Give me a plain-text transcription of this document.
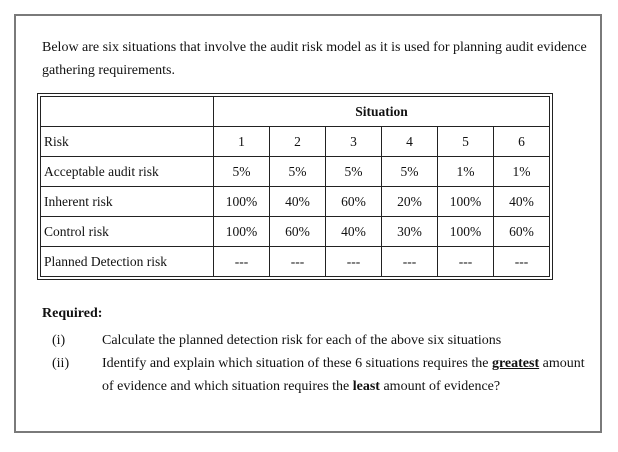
Below are six situations that involve the audit risk model as it is used for planning audit evidence gathering requirements.

	Situation					
Risk	1	2	3	4	5	6
Acceptable audit risk	5%	5%	5%	5%	1%	1%
Inherent risk	100%	40%	60%	20%	100%	40%
Control risk	100%	60%	40%	30%	100%	60%
Planned Detection risk	---	---	---	---	---	---

Required:

(i)	Calculate the planned detection risk for each of the above six situations
(ii)	Identify and explain which situation of these 6 situations requires the greatest amount of evidence and which situation requires the least amount of evidence?
